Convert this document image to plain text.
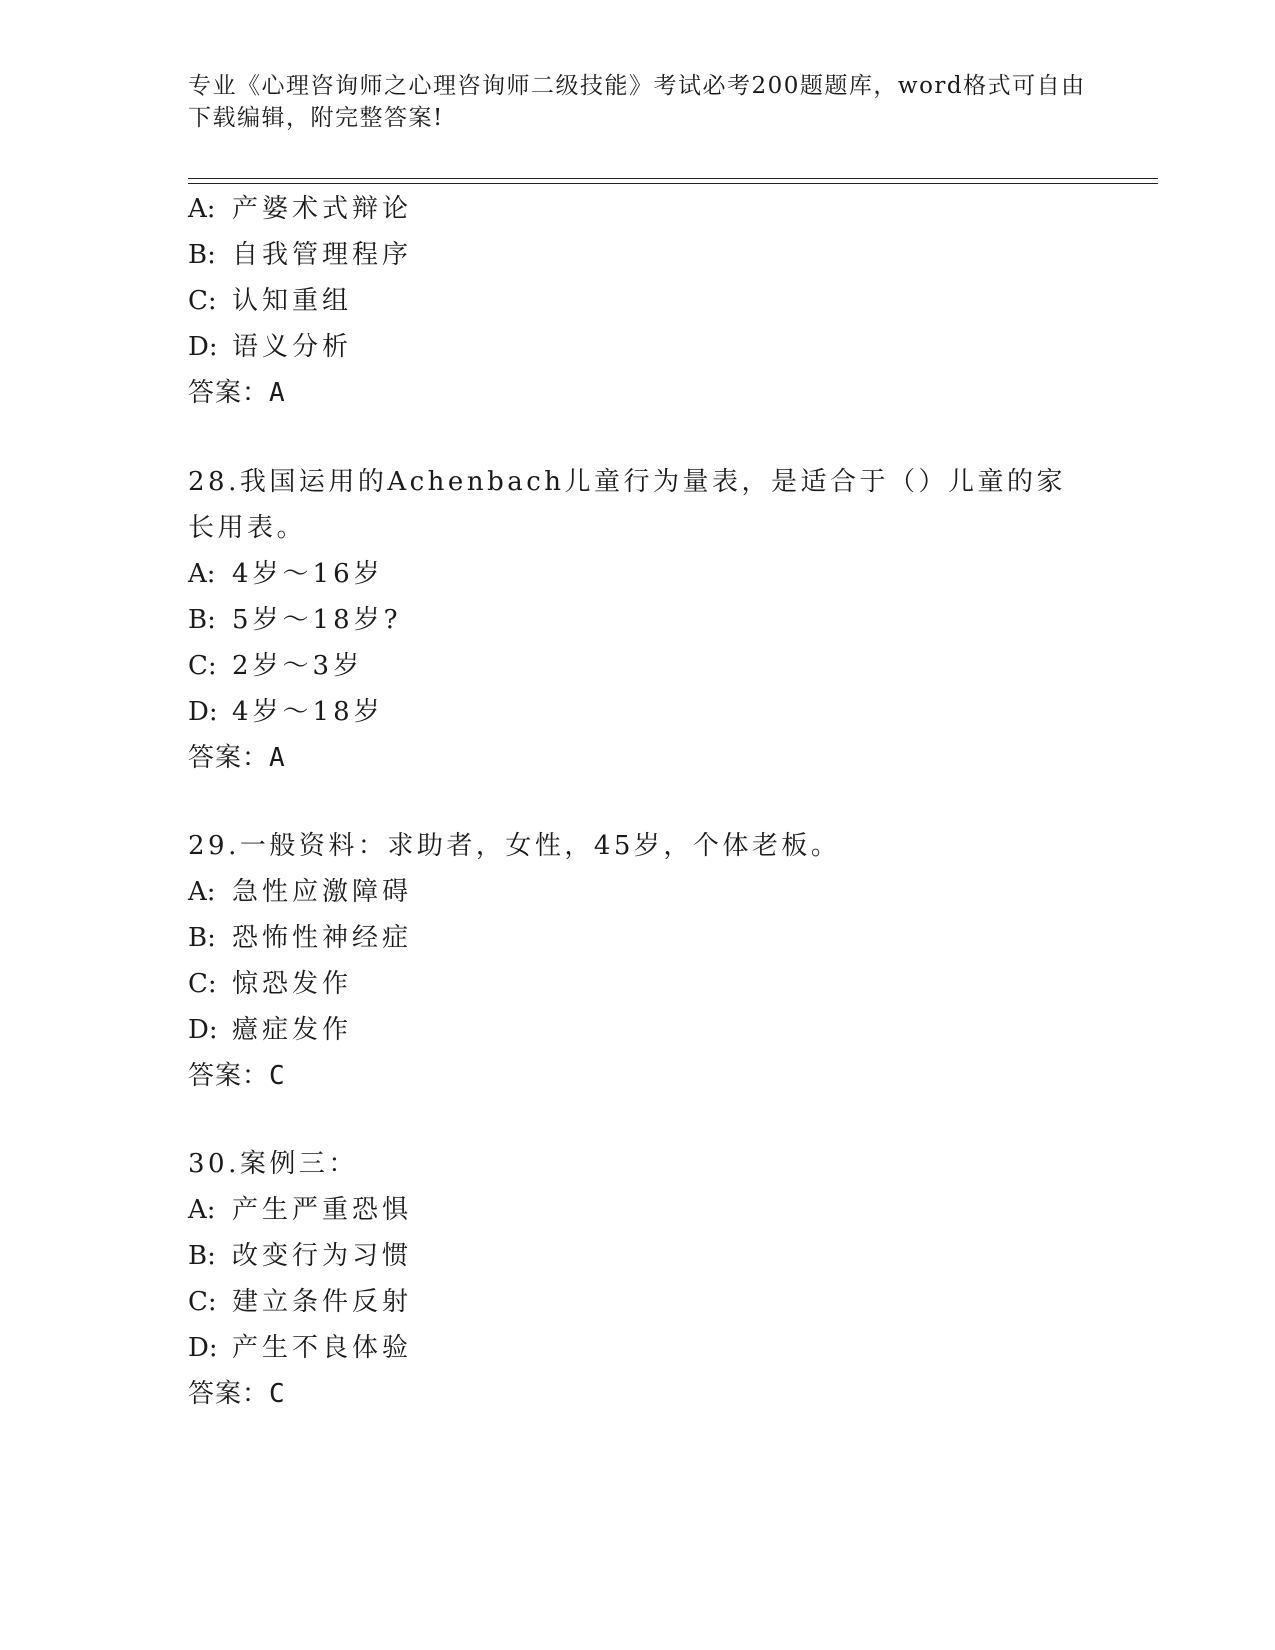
专业《心理咨询师之心理咨询师二级技能》考试必考200题题库，word格式可自由下载编辑，附完整答案!
A: 产婆术式辩论
B: 自我管理程序
C: 认知重组
D: 语义分析
答案：A
28.我国运用的Achenbach儿童行为量表，是适合于（）儿童的家长用表。
A: 4岁～16岁
B: 5岁～18岁?
C: 2岁～3岁
D: 4岁～18岁
答案：A
29.一般资料：求助者，女性，45岁，个体老板。
A: 急性应激障碍
B: 恐怖性神经症
C: 惊恐发作
D: 癔症发作
答案：C
30.案例三：
A: 产生严重恐惧
B: 改变行为习惯
C: 建立条件反射
D: 产生不良体验
答案：C
